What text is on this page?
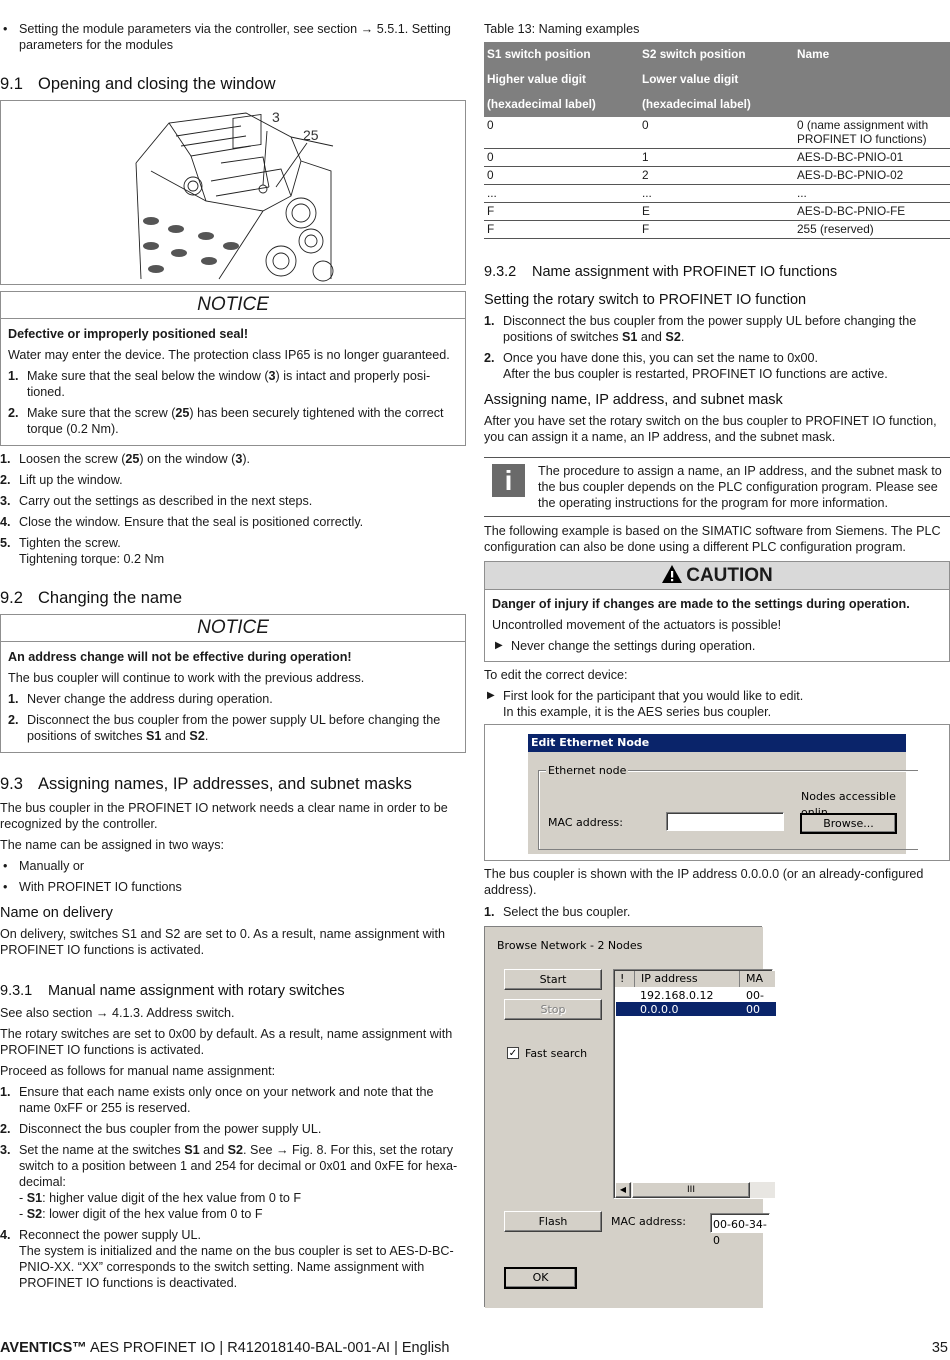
• Setting the module parameters via the controller, see section → 5.5.1. Setting parameters for the modules
9.1 Opening and closing the window
3
25
NOTICE

Defective or improperly positioned seal!

Water may enter the device. The protection class IP65 is no longer guaranteed.

1. Make sure that the seal below the window (3) is intact and properly positioned.
2. Make sure that the screw (25) has been securely tightened with the correct torque (0.2 Nm).
1. Loosen the screw (25) on the window (3).
2. Lift up the window.
3. Carry out the settings as described in the next steps.
4. Close the window. Ensure that the seal is positioned correctly.
5. Tighten the screw.
Tightening torque: 0.2 Nm
9.2 Changing the name
NOTICE

An address change will not be effective during operation!

The bus coupler will continue to work with the previous address.

1. Never change the address during operation.
2. Disconnect the bus coupler from the power supply UL before changing the positions of switches S1 and S2.
9.3 Assigning names, IP addresses, and subnet masks

The bus coupler in the PROFINET IO network needs a clear name in order to be recognized by the controller.

The name can be assigned in two ways:

• Manually or
• With PROFINET IO functions

Name on delivery

On delivery, switches S1 and S2 are set to 0. As a result, name assignment with PROFINET IO functions is activated.

9.3.1 Manual name assignment with rotary switches

See also section → 4.1.3. Address switch.

The rotary switches are set to 0x00 by default. As a result, name assignment with PROFINET IO functions is activated.

Proceed as follows for manual name assignment:

1. Ensure that each name exists only once on your network and note that the name 0xFF or 255 is reserved.
2. Disconnect the bus coupler from the power supply UL.
3. Set the name at the switches S1 and S2. See → Fig. 8. For this, set the rotary switch to a position between 1 and 254 for decimal or 0x01 and 0xFE for hexadecimal:
- S1: higher value digit of the hex value from 0 to F
- S2: lower digit of the hex value from 0 to F
4. Reconnect the power supply UL.
The system is initialized and the name on the bus coupler is set to AES-D-BC-PNIO-XX. “XX” corresponds to the switch setting. Name assignment with PROFINET IO functions is deactivated.

Table 13: Naming examples

S1 switch position	S2 switch position	Name
Higher value digit	Lower value digit	
(hexadecimal label)	(hexadecimal label)	
0	0	0 (name assignment with PROFINET IO functions)
0	1	AES-D-BC-PNIO-01
0	2	AES-D-BC-PNIO-02
...	...	...
F	E	AES-D-BC-PNIO-FE
F	F	255 (reserved)
9.3.2 Name assignment with PROFINET IO functions

Setting the rotary switch to PROFINET IO function

1. Disconnect the bus coupler from the power supply UL before changing the positions of switches S1 and S2.
2. Once you have done this, you can set the name to 0x00.
After the bus coupler is restarted, PROFINET IO functions are active.

Assigning name, IP address, and subnet mask

After you have set the rotary switch on the bus coupler to PROFINET IO function, you can assign it a name, an IP address, and the subnet mask.

i	The procedure to assign a name, an IP address, and the subnet mask to the bus coupler depends on the PLC configuration program. Please see the operating instructions for the program for more information.

The following example is based on the SIMATIC software from Siemens. The PLC configuration can also be done using a different PLC configuration program.

CAUTION

Danger of injury if changes are made to the settings during operation.

Uncontrolled movement of the actuators is possible!

▶ Never change the settings during operation.

To edit the correct device:

▶ First look for the participant that you would like to edit.
In this example, it is the AES series bus coupler.
Edit Ethernet Node
Ethernet node
Nodes accessible
MAC address:	Browse...

The bus coupler is shown with the IP address 0.0.0.0 (or an already-configured address).

1. Select the bus coupler.
Browse Network - 2 Nodes
Start
Stop
✓ Fast search
!	IP address	MA
192.168.0.12	00-
0.0.0.0	00
◀	III
Flash	MAC address: 00-60-34-0
OK
AVENTICS™ AES PROFINET IO | R412018140-BAL-001-AI | English	35
